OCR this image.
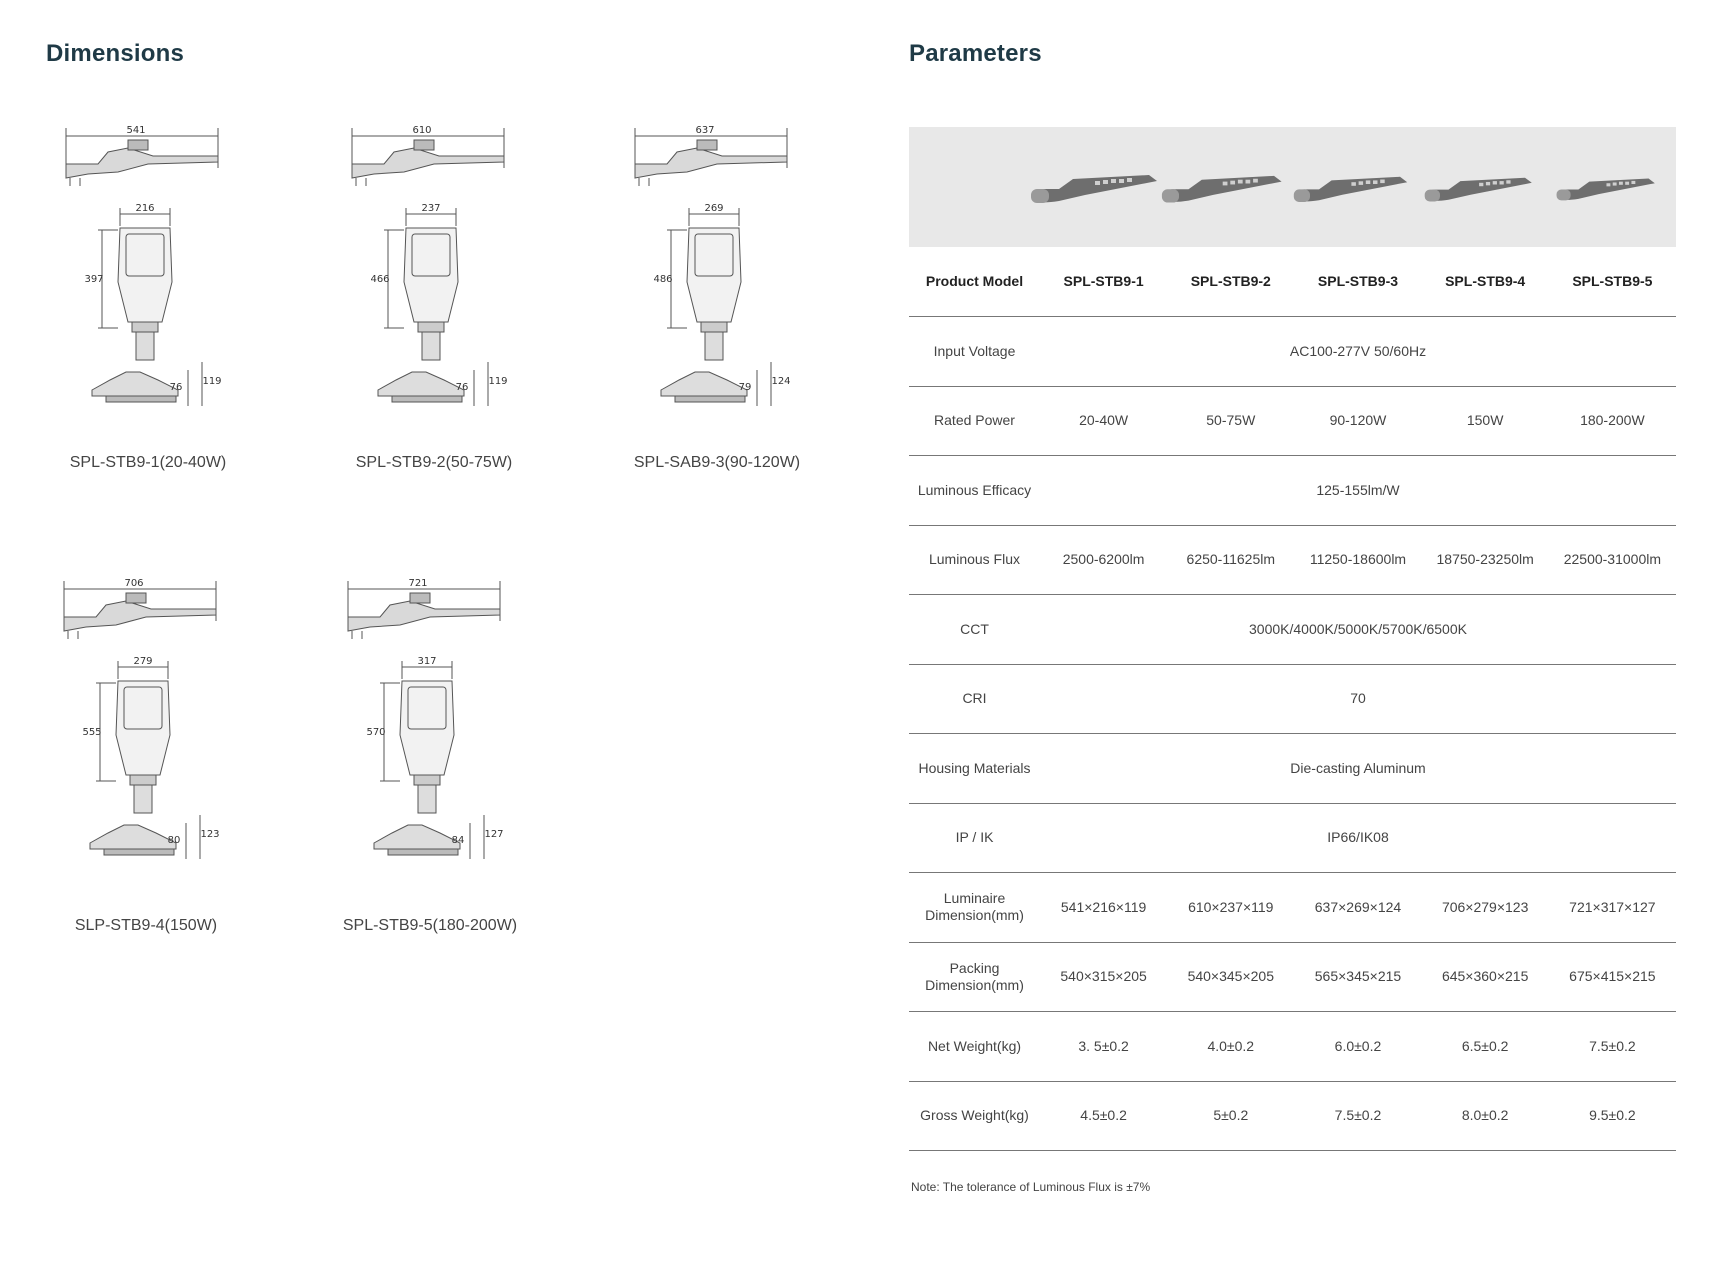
Dimensions	Parameters
541
216
397
76
119
SPL-STB9-1(20-40W)
610
237
466
76
119
SPL-STB9-2(50-75W)
637
269
486
79
124
SPL-SAB9-3(90-120W)
706
279
555
80
123
SLP-STB9-4(150W)
721
317
570
84
127
SPL-STB9-5(180-200W)
Product Model	SPL-STB9-1	SPL-STB9-2	SPL-STB9-3	SPL-STB9-4	SPL-STB9-5
Input Voltage	AC100-277V 50/60Hz				
Rated Power	20-40W	50-75W	90-120W	150W	180-200W
Luminous Efficacy	125-155lm/W				
Luminous Flux	2500-6200lm	6250-11625lm	11250-18600lm	18750-23250lm	22500-31000lm
CCT	3000K/4000K/5000K/5700K/6500K				
CRI	70				
Housing Materials	Die-casting Aluminum				
IP / IK	IP66/IK08				
Luminaire Dimension(mm)	541×216×119	610×237×119	637×269×124	706×279×123	721×317×127
Packing Dimension(mm)	540×315×205	540×345×205	565×345×215	645×360×215	675×415×215
Net Weight(kg)	3. 5±0.2	4.0±0.2	6.0±0.2	6.5±0.2	7.5±0.2
Gross Weight(kg)	4.5±0.2	5±0.2	7.5±0.2	8.0±0.2	9.5±0.2
Note: The tolerance of Luminous Flux is ±7%
